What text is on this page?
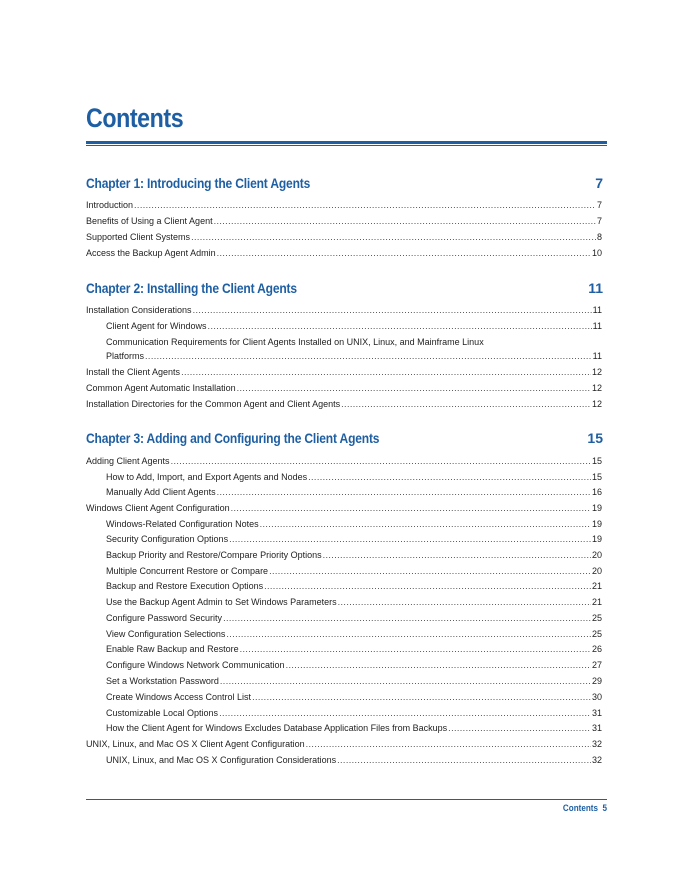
Contents
Chapter 1: Introducing the Client Agents	7
Introduction .....	7
Benefits of Using a Client Agent .....	7
Supported Client Systems .....	8
Access the Backup Agent Admin .....	10
Chapter 2: Installing the Client Agents	11
Installation Considerations .....	11
Client Agent for Windows .....	11
Communication Requirements for Client Agents Installed on UNIX, Linux, and Mainframe Linux
Platforms .....	11
Install the Client Agents .....	12
Common Agent Automatic Installation .....	12
Installation Directories for the Common Agent and Client Agents .....	12
Chapter 3: Adding and Configuring the Client Agents	15
Adding Client Agents .....	15
How to Add, Import, and Export Agents and Nodes .....	15
Manually Add Client Agents .....	16
Windows Client Agent Configuration .....	19
Windows-Related Configuration Notes .....	19
Security Configuration Options .....	19
Backup Priority and Restore/Compare Priority Options .....	20
Multiple Concurrent Restore or Compare .....	20
Backup and Restore Execution Options .....	21
Use the Backup Agent Admin to Set Windows Parameters .....	21
Configure Password Security .....	25
View Configuration Selections .....	25
Enable Raw Backup and Restore .....	26
Configure Windows Network Communication .....	27
Set a Workstation Password .....	29
Create Windows Access Control List .....	30
Customizable Local Options .....	31
How the Client Agent for Windows Excludes Database Application Files from Backups .....	31
UNIX, Linux, and Mac OS X Client Agent Configuration .....	32
UNIX, Linux, and Mac OS X Configuration Considerations .....	32
Contents 5
